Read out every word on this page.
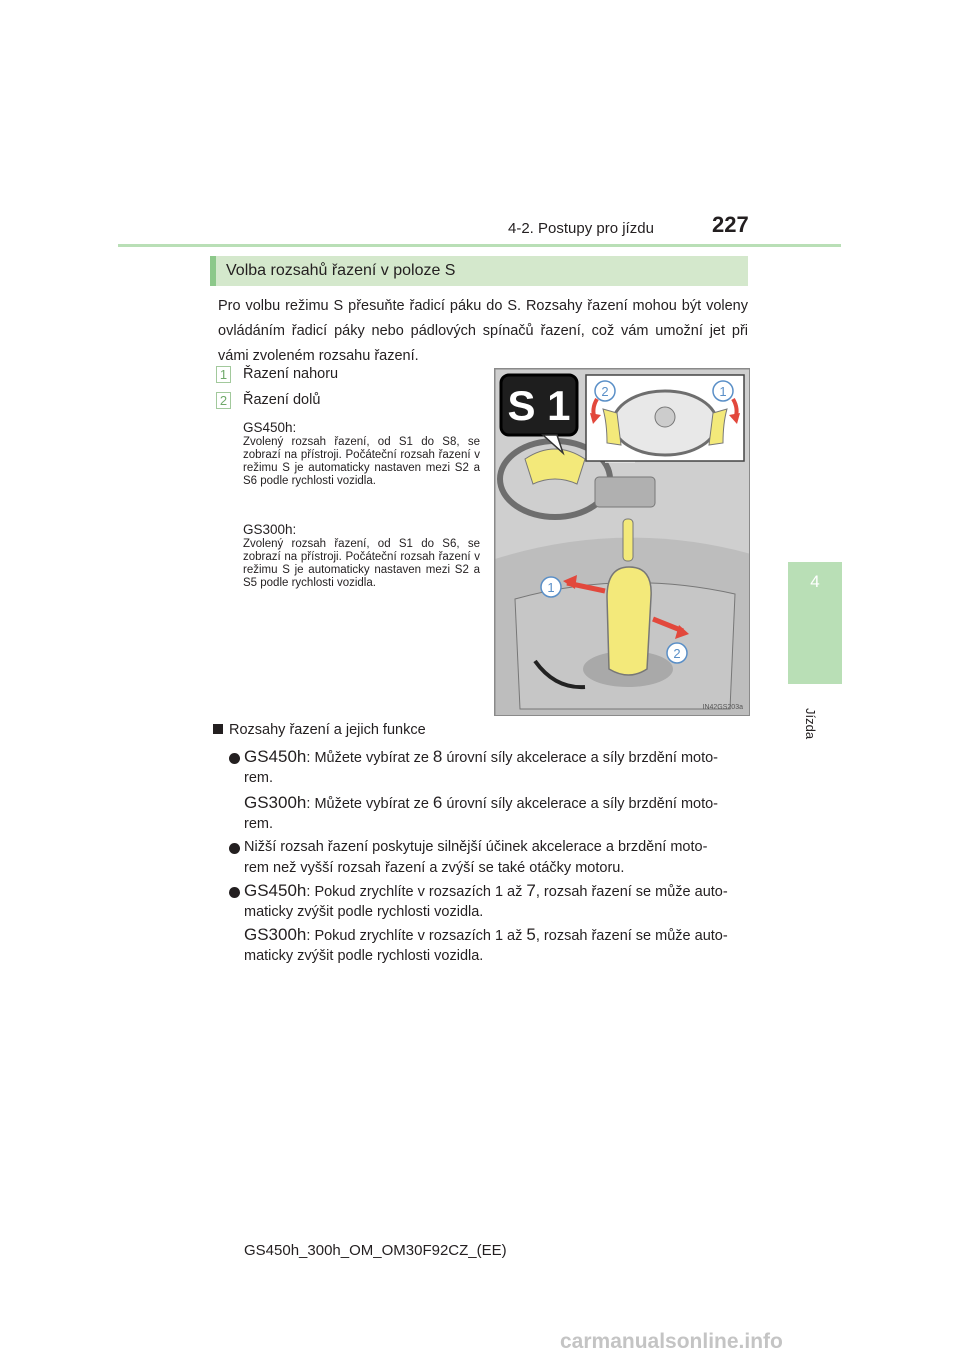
4-2. Postupy pro jízdu	227
4
Jízda
Volba rozsahů řazení v poloze S

Pro volbu režimu S přesuňte řadicí páku do S. Rozsahy řazení mohou být voleny ovládáním řadicí páky nebo pádlových spínačů řazení, což vám umožní jet při vámi zvoleném rozsahu řazení.

1 Řazení nahoru
2 Řazení dolů
GS450h:
Zvolený rozsah řazení, od S1 do S8, se zobrazí na přístroji. Počáteční rozsah řazení v režimu S je automaticky nastaven mezi S2 a S6 podle rychlosti vozidla.
GS300h:
Zvolený rozsah řazení, od S1 do S6, se zobrazí na přístroji. Počáteční rozsah řazení v režimu S je automaticky nastaven mezi S2 a S5 podle rychlosti vozidla.
S 1 2	1
1
2
IN42GS203a
Rozsahy řazení a jejich funkce
GS450h: Můžete vybírat ze 8 úrovní síly akcelerace a síly brzdění moto-
rem.
GS300h: Můžete vybírat ze 6 úrovní síly akcelerace a síly brzdění moto-
rem.
Nižší rozsah řazení poskytuje silnější účinek akcelerace a brzdění moto-
rem než vyšší rozsah řazení a zvýší se také otáčky motoru.
GS450h: Pokud zrychlíte v rozsazích 1 až 7, rozsah řazení se může auto-
maticky zvýšit podle rychlosti vozidla.
GS300h: Pokud zrychlíte v rozsazích 1 až 5, rozsah řazení se může auto-
maticky zvýšit podle rychlosti vozidla.
GS450h_300h_OM_OM30F92CZ_(EE)
carmanualsonline.info
